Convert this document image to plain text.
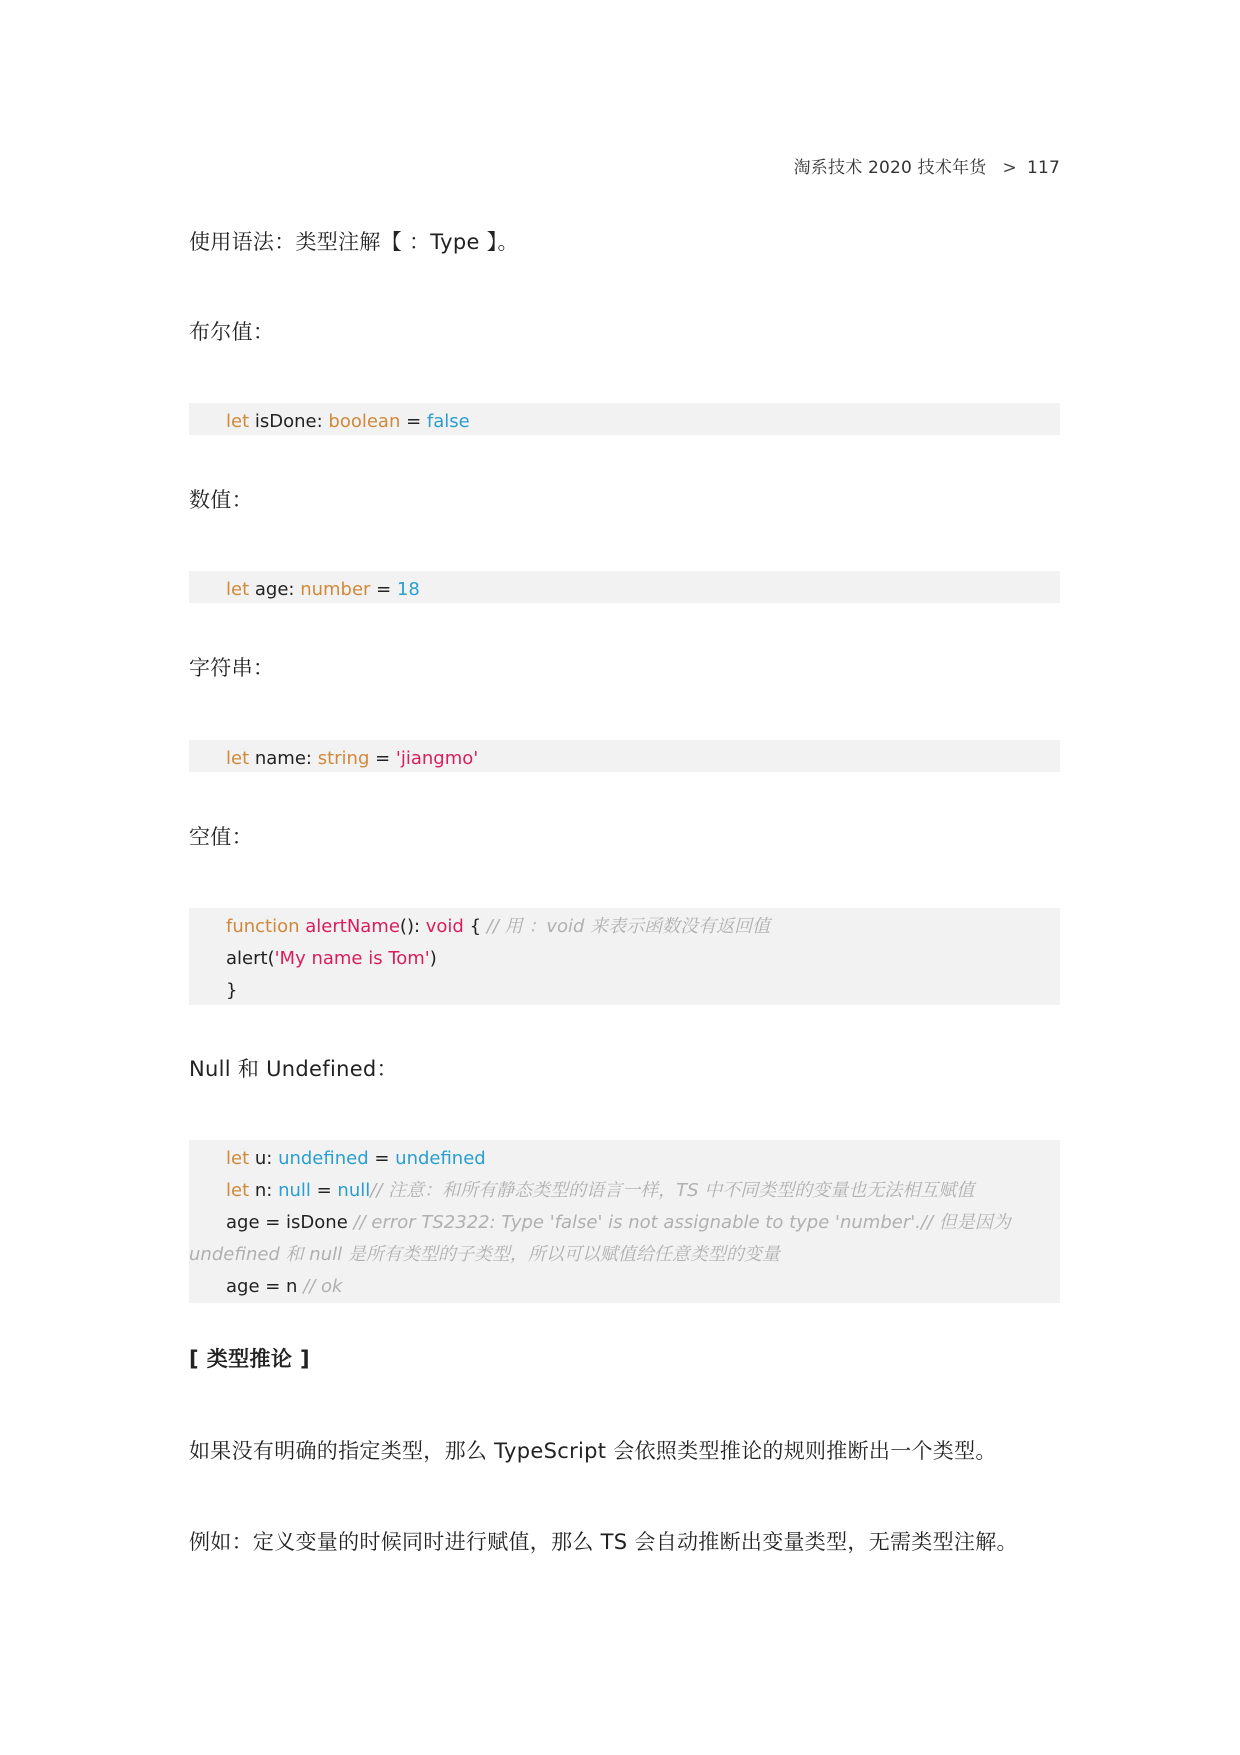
淘系技术 2020 技术年货 > 117
使用语法：类型注解【 ：Type 】。
布尔值：
let isDone: boolean = false
数值：
let age: number = 18
字符串：
let name: string = 'jiangmo'
空值：
function alertName(): void { // 用 ：void 来表示函数没有返回值
alert('My name is Tom')
}
Null 和 Undefined：
let u: undefined = undefined
let n: null = null// 注意：和所有静态类型的语言一样，TS 中不同类型的变量也无法相互赋值
age = isDone // error TS2322: Type 'false' is not assignable to type 'number'.// 但是因为
undefined 和 null 是所有类型的子类型，所以可以赋值给任意类型的变量
age = n // ok
[ 类型推论 ]
如果没有明确的指定类型，那么 TypeScript 会依照类型推论的规则推断出一个类型。
例如：定义变量的时候同时进行赋值，那么 TS 会自动推断出变量类型，无需类型注解。
